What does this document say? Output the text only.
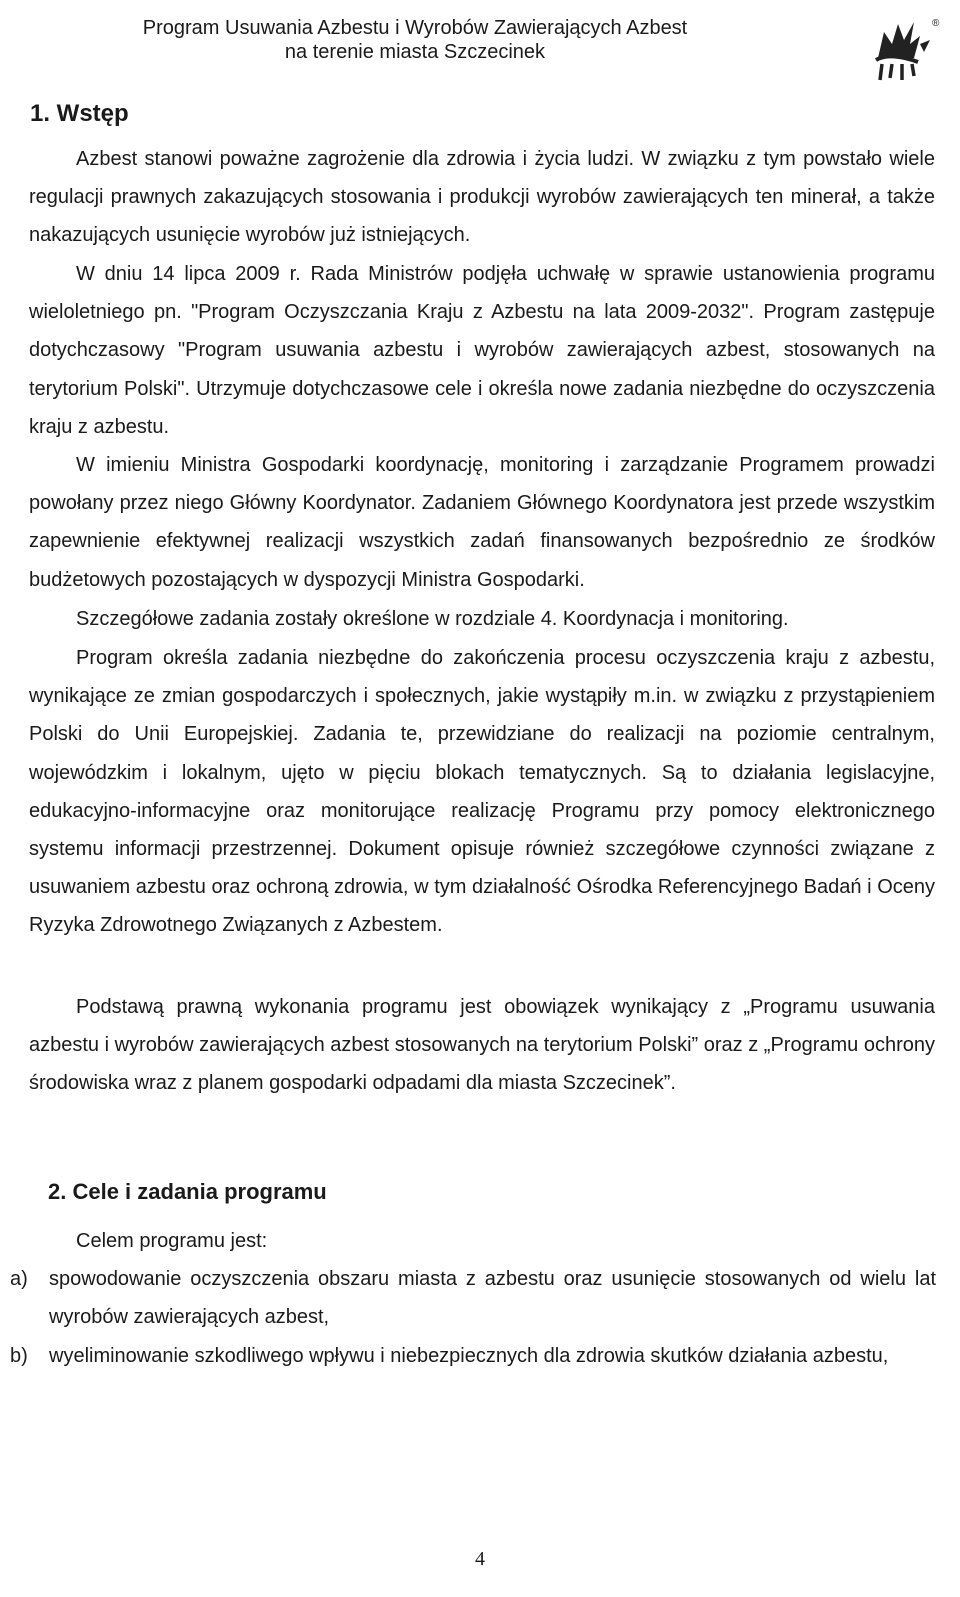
Program Usuwania Azbestu i Wyrobów Zawierających Azbest
na terenie miasta Szczecinek
®
1. Wstęp

Azbest stanowi poważne zagrożenie dla zdrowia i życia ludzi. W związku z tym powstało wiele regulacji prawnych zakazujących stosowania i produkcji wyrobów zawierających ten minerał, a także nakazujących usunięcie wyrobów już istniejących.

W dniu 14 lipca 2009 r. Rada Ministrów podjęła uchwałę w sprawie ustanowienia programu wieloletniego pn. "Program Oczyszczania Kraju z Azbestu na lata 2009-2032". Program zastępuje dotychczasowy "Program usuwania azbestu i wyrobów zawierających azbest, stosowanych na terytorium Polski". Utrzymuje dotychczasowe cele i określa nowe zadania niezbędne do oczyszczenia kraju z azbestu.

W imieniu Ministra Gospodarki koordynację, monitoring i zarządzanie Programem prowadzi powołany przez niego Główny Koordynator. Zadaniem Głównego Koordynatora jest przede wszystkim zapewnienie efektywnej realizacji wszystkich zadań finansowanych bezpośrednio ze środków budżetowych pozostających w dyspozycji Ministra Gospodarki.

Szczegółowe zadania zostały określone w rozdziale 4. Koordynacja i monitoring.

Program określa zadania niezbędne do zakończenia procesu oczyszczenia kraju z azbestu, wynikające ze zmian gospodarczych i społecznych, jakie wystąpiły m.in. w związku z przystąpieniem Polski do Unii Europejskiej. Zadania te, przewidziane do realizacji na poziomie centralnym, wojewódzkim i lokalnym, ujęto w pięciu blokach tematycznych. Są to działania legislacyjne, edukacyjno-informacyjne oraz monitorujące realizację Programu przy pomocy elektronicznego systemu informacji przestrzennej. Dokument opisuje również szczegółowe czynności związane z usuwaniem azbestu oraz ochroną zdrowia, w tym działalność Ośrodka Referencyjnego Badań i Oceny Ryzyka Zdrowotnego Związanych z Azbestem.

Podstawą prawną wykonania programu jest obowiązek wynikający z „Programu usuwania azbestu i wyrobów zawierających azbest stosowanych na terytorium Polski” oraz z „Programu ochrony środowiska wraz z planem gospodarki odpadami dla miasta Szczecinek”.

2. Cele i zadania programu

Celem programu jest:

a)	spowodowanie oczyszczenia obszaru miasta z azbestu oraz usunięcie stosowanych od wielu lat wyrobów zawierających azbest,
b)	wyeliminowanie szkodliwego wpływu i niebezpiecznych dla zdrowia skutków działania azbestu,
4
